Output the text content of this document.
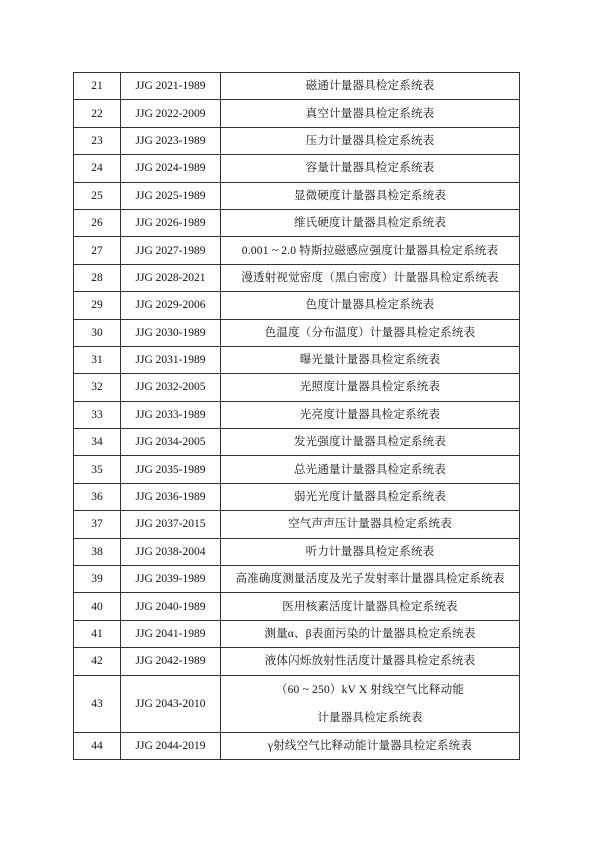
21	JJG 2021-1989	磁通计量器具检定系统表
22	JJG 2022-2009	真空计量器具检定系统表
23	JJG 2023-1989	压力计量器具检定系统表
24	JJG 2024-1989	容量计量器具检定系统表
25	JJG 2025-1989	显微硬度计量器具检定系统表
26	JJG 2026-1989	维氏硬度计量器具检定系统表
27	JJG 2027-1989	0.001 ~ 2.0 特斯拉磁感应强度计量器具检定系统表
28	JJG 2028-2021	漫透射视觉密度（黑白密度）计量器具检定系统表
29	JJG 2029-2006	色度计量器具检定系统表
30	JJG 2030-1989	色温度（分布温度）计量器具检定系统表
31	JJG 2031-1989	曝光量计量器具检定系统表
32	JJG 2032-2005	光照度计量器具检定系统表
33	JJG 2033-1989	光亮度计量器具检定系统表
34	JJG 2034-2005	发光强度计量器具检定系统表
35	JJG 2035-1989	总光通量计量器具检定系统表
36	JJG 2036-1989	弱光光度计量器具检定系统表
37	JJG 2037-2015	空气声声压计量器具检定系统表
38	JJG 2038-2004	听力计量器具检定系统表
39	JJG 2039-1989	高准确度测量活度及光子发射率计量器具检定系统表
40	JJG 2040-1989	医用核素活度计量器具检定系统表
41	JJG 2041-1989	测量α、β表面污染的计量器具检定系统表
42	JJG 2042-1989	液体闪烁放射性活度计量器具检定系统表
43	JJG 2043-2010	（60 ~ 250）kV X 射线空气比释动能
计量器具检定系统表

44	JJG 2044-2019	γ射线空气比释动能计量器具检定系统表
